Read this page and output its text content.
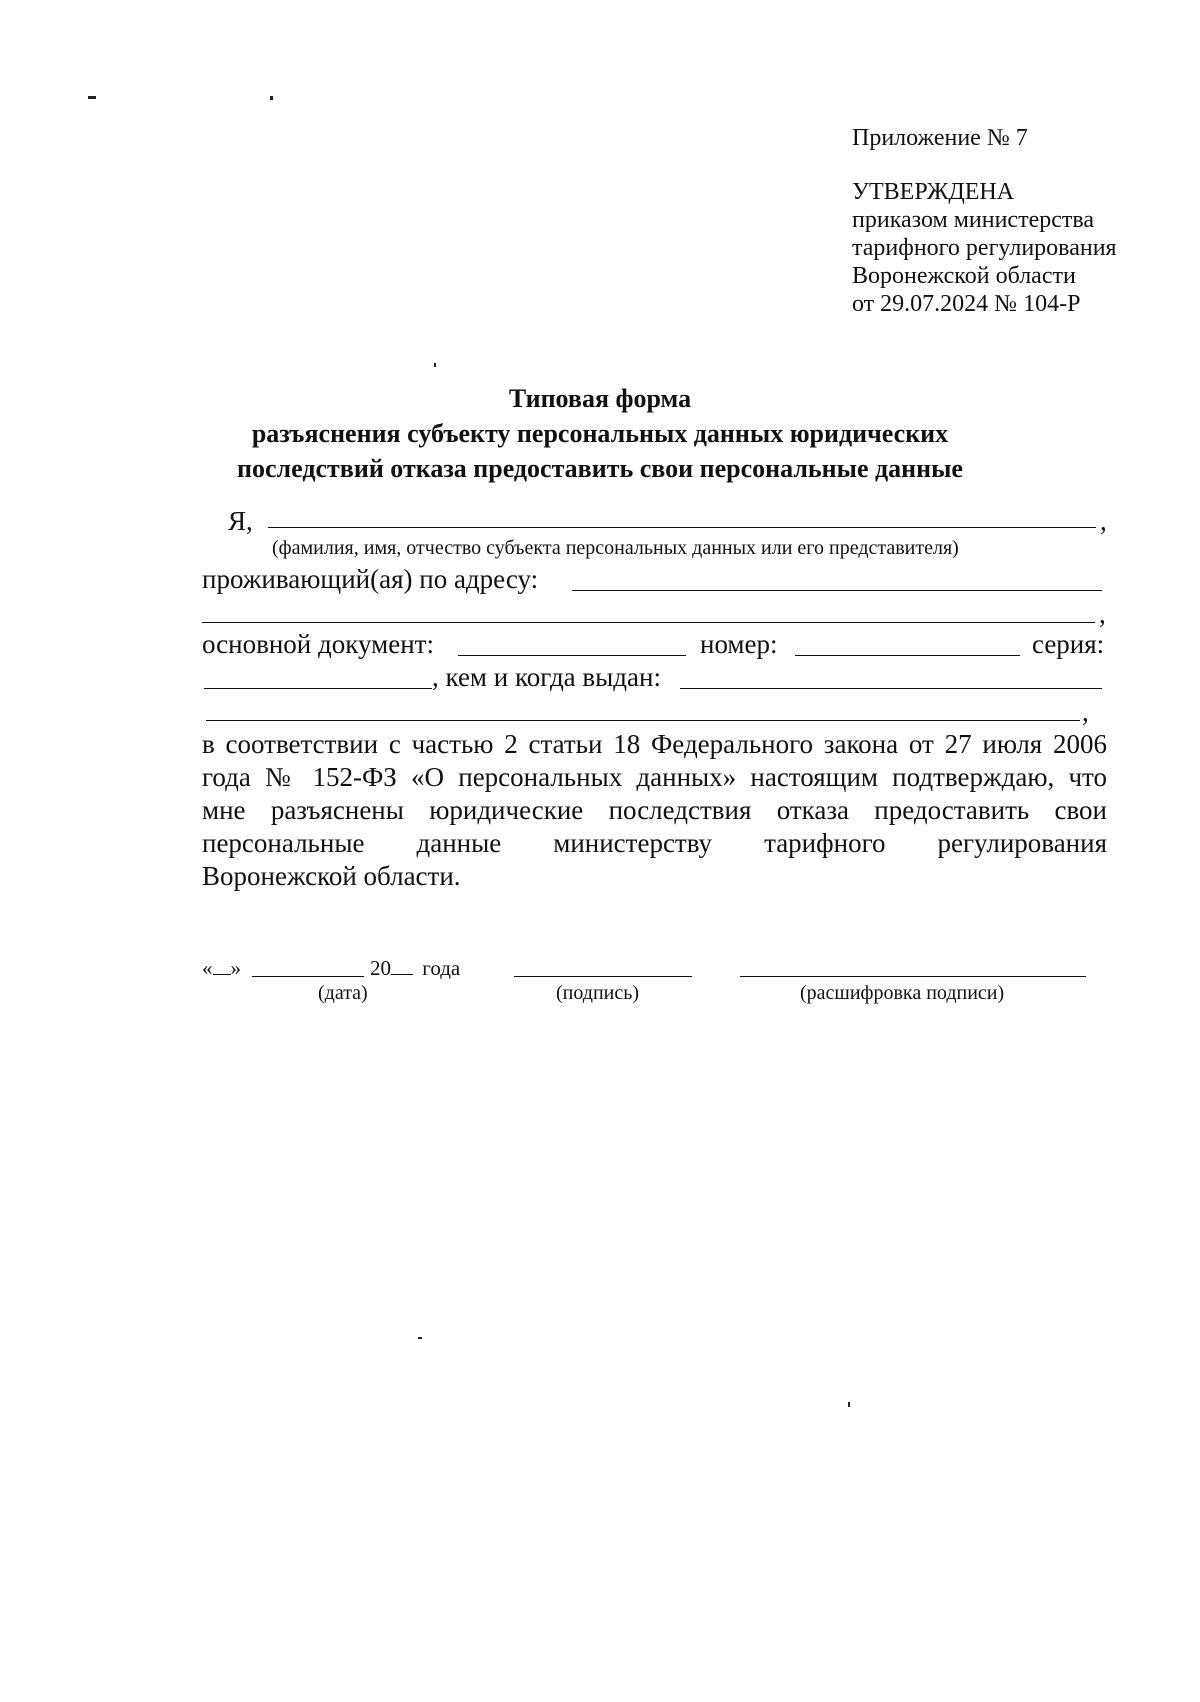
Приложение № 7
УТВЕРЖДЕНА
приказом министерства
тарифного регулирования
Воронежской области
от 29.07.2024 № 104-Р
Типовая форма
разъяснения субъекту персональных данных юридических
последствий отказа предоставить свои персональные данные
Я,	,
(фамилия, имя, отчество субъекта персональных данных или его представителя)
проживающий(ая) по адресу:
,
основной документ:	номер:	серия:
, кем и когда выдан:
,
в соответствии с частью 2 статьи 18 Федерального закона от 27 июля 2006
года № 152-ФЗ «О персональных данных» настоящим подтверждаю, что
мне разъяснены юридические последствия отказа предоставить свои
персональные данные министерству тарифного регулирования
Воронежской области.
« »	20 года
(дата)	(подпись)	(расшифровка подписи)
